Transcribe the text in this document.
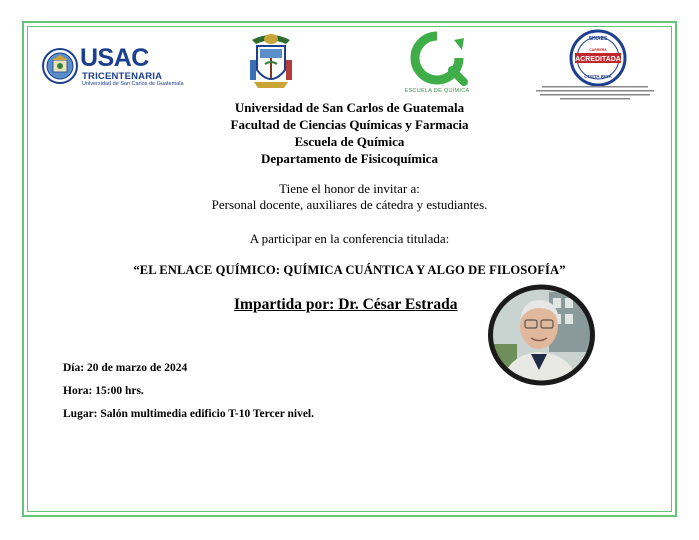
USAC
TRICENTENARIA
Universidad de San Carlos de Guatemala
ESCUELA DE QUÍMICA
SINAES
CARRERA
ACREDITADA
COSTA RICA
Universidad de San Carlos de Guatemala
Facultad de Ciencias Químicas y Farmacia
Escuela de Química
Departamento de Fisicoquímica
Tiene el honor de invitar a:
Personal docente, auxiliares de cátedra y estudiantes.
A participar en la conferencia titulada:
“EL ENLACE QUÍMICO: QUÍMICA CUÁNTICA Y ALGO DE FILOSOFÍA”
Impartida por: Dr. César Estrada
Día: 20 de marzo de 2024
Hora: 15:00 hrs.
Lugar: Salón multimedia edificio T-10 Tercer nivel.
